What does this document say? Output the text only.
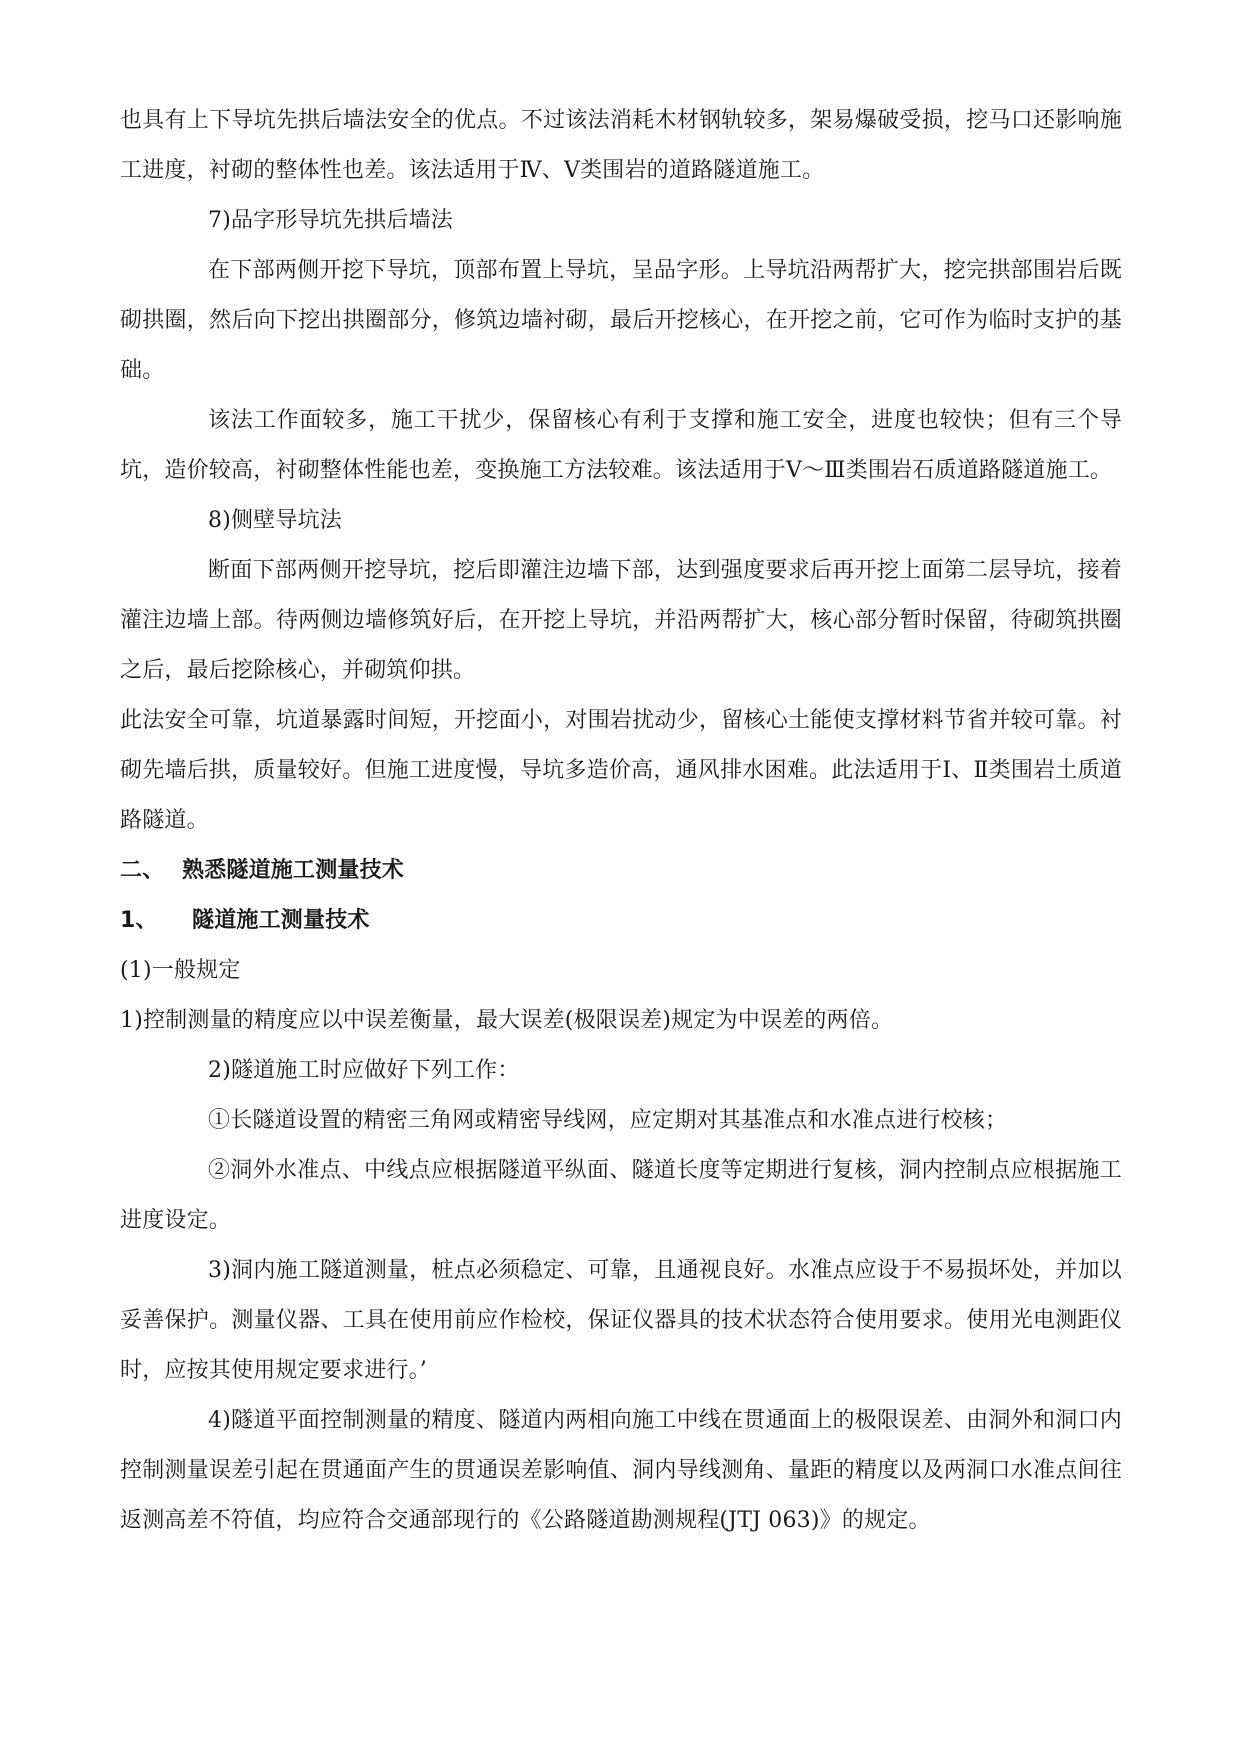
也具有上下导坑先拱后墙法安全的优点。不过该法消耗木材钢轨较多，架易爆破受损，挖马口还影响施工进度，衬砌的整体性也差。该法适用于Ⅳ、Ⅴ类围岩的道路隧道施工。

7)品字形导坑先拱后墙法

在下部两侧开挖下导坑，顶部布置上导坑，呈品字形。上导坑沿两帮扩大，挖完拱部围岩后既砌拱圈，然后向下挖出拱圈部分，修筑边墙衬砌，最后开挖核心，在开挖之前，它可作为临时支护的基础。

该法工作面较多，施工干扰少，保留核心有利于支撑和施工安全，进度也较快；但有三个导坑，造价较高，衬砌整体性能也差，变换施工方法较难。该法适用于Ⅴ～Ⅲ类围岩石质道路隧道施工。

8)侧壁导坑法

断面下部两侧开挖导坑，挖后即灌注边墙下部，达到强度要求后再开挖上面第二层导坑，接着灌注边墙上部。待两侧边墙修筑好后，在开挖上导坑，并沿两帮扩大，核心部分暂时保留，待砌筑拱圈之后，最后挖除核心，并砌筑仰拱。

此法安全可靠，坑道暴露时间短，开挖面小，对围岩扰动少，留核心土能使支撑材料节省并较可靠。衬砌先墙后拱，质量较好。但施工进度慢，导坑多造价高，通风排水困难。此法适用于Ⅰ、Ⅱ类围岩土质道路隧道。

二、 熟悉隧道施工测量技术

1、 隧道施工测量技术

(1)一般规定

1)控制测量的精度应以中误差衡量，最大误差(极限误差)规定为中误差的两倍。

2)隧道施工时应做好下列工作：

①长隧道设置的精密三角网或精密导线网，应定期对其基准点和水准点进行校核；

②洞外水准点、中线点应根据隧道平纵面、隧道长度等定期进行复核，洞内控制点应根据施工进度设定。

3)洞内施工隧道测量，桩点必须稳定、可靠，且通视良好。水准点应设于不易损坏处，并加以妥善保护。测量仪器、工具在使用前应作检校，保证仪器具的技术状态符合使用要求。使用光电测距仪时，应按其使用规定要求进行。’

4)隧道平面控制测量的精度、隧道内两相向施工中线在贯通面上的极限误差、由洞外和洞口内控制测量误差引起在贯通面产生的贯通误差影响值、洞内导线测角、量距的精度以及两洞口水准点间往返测高差不符值，均应符合交通部现行的《公路隧道勘测规程(JTJ 063)》的规定。
